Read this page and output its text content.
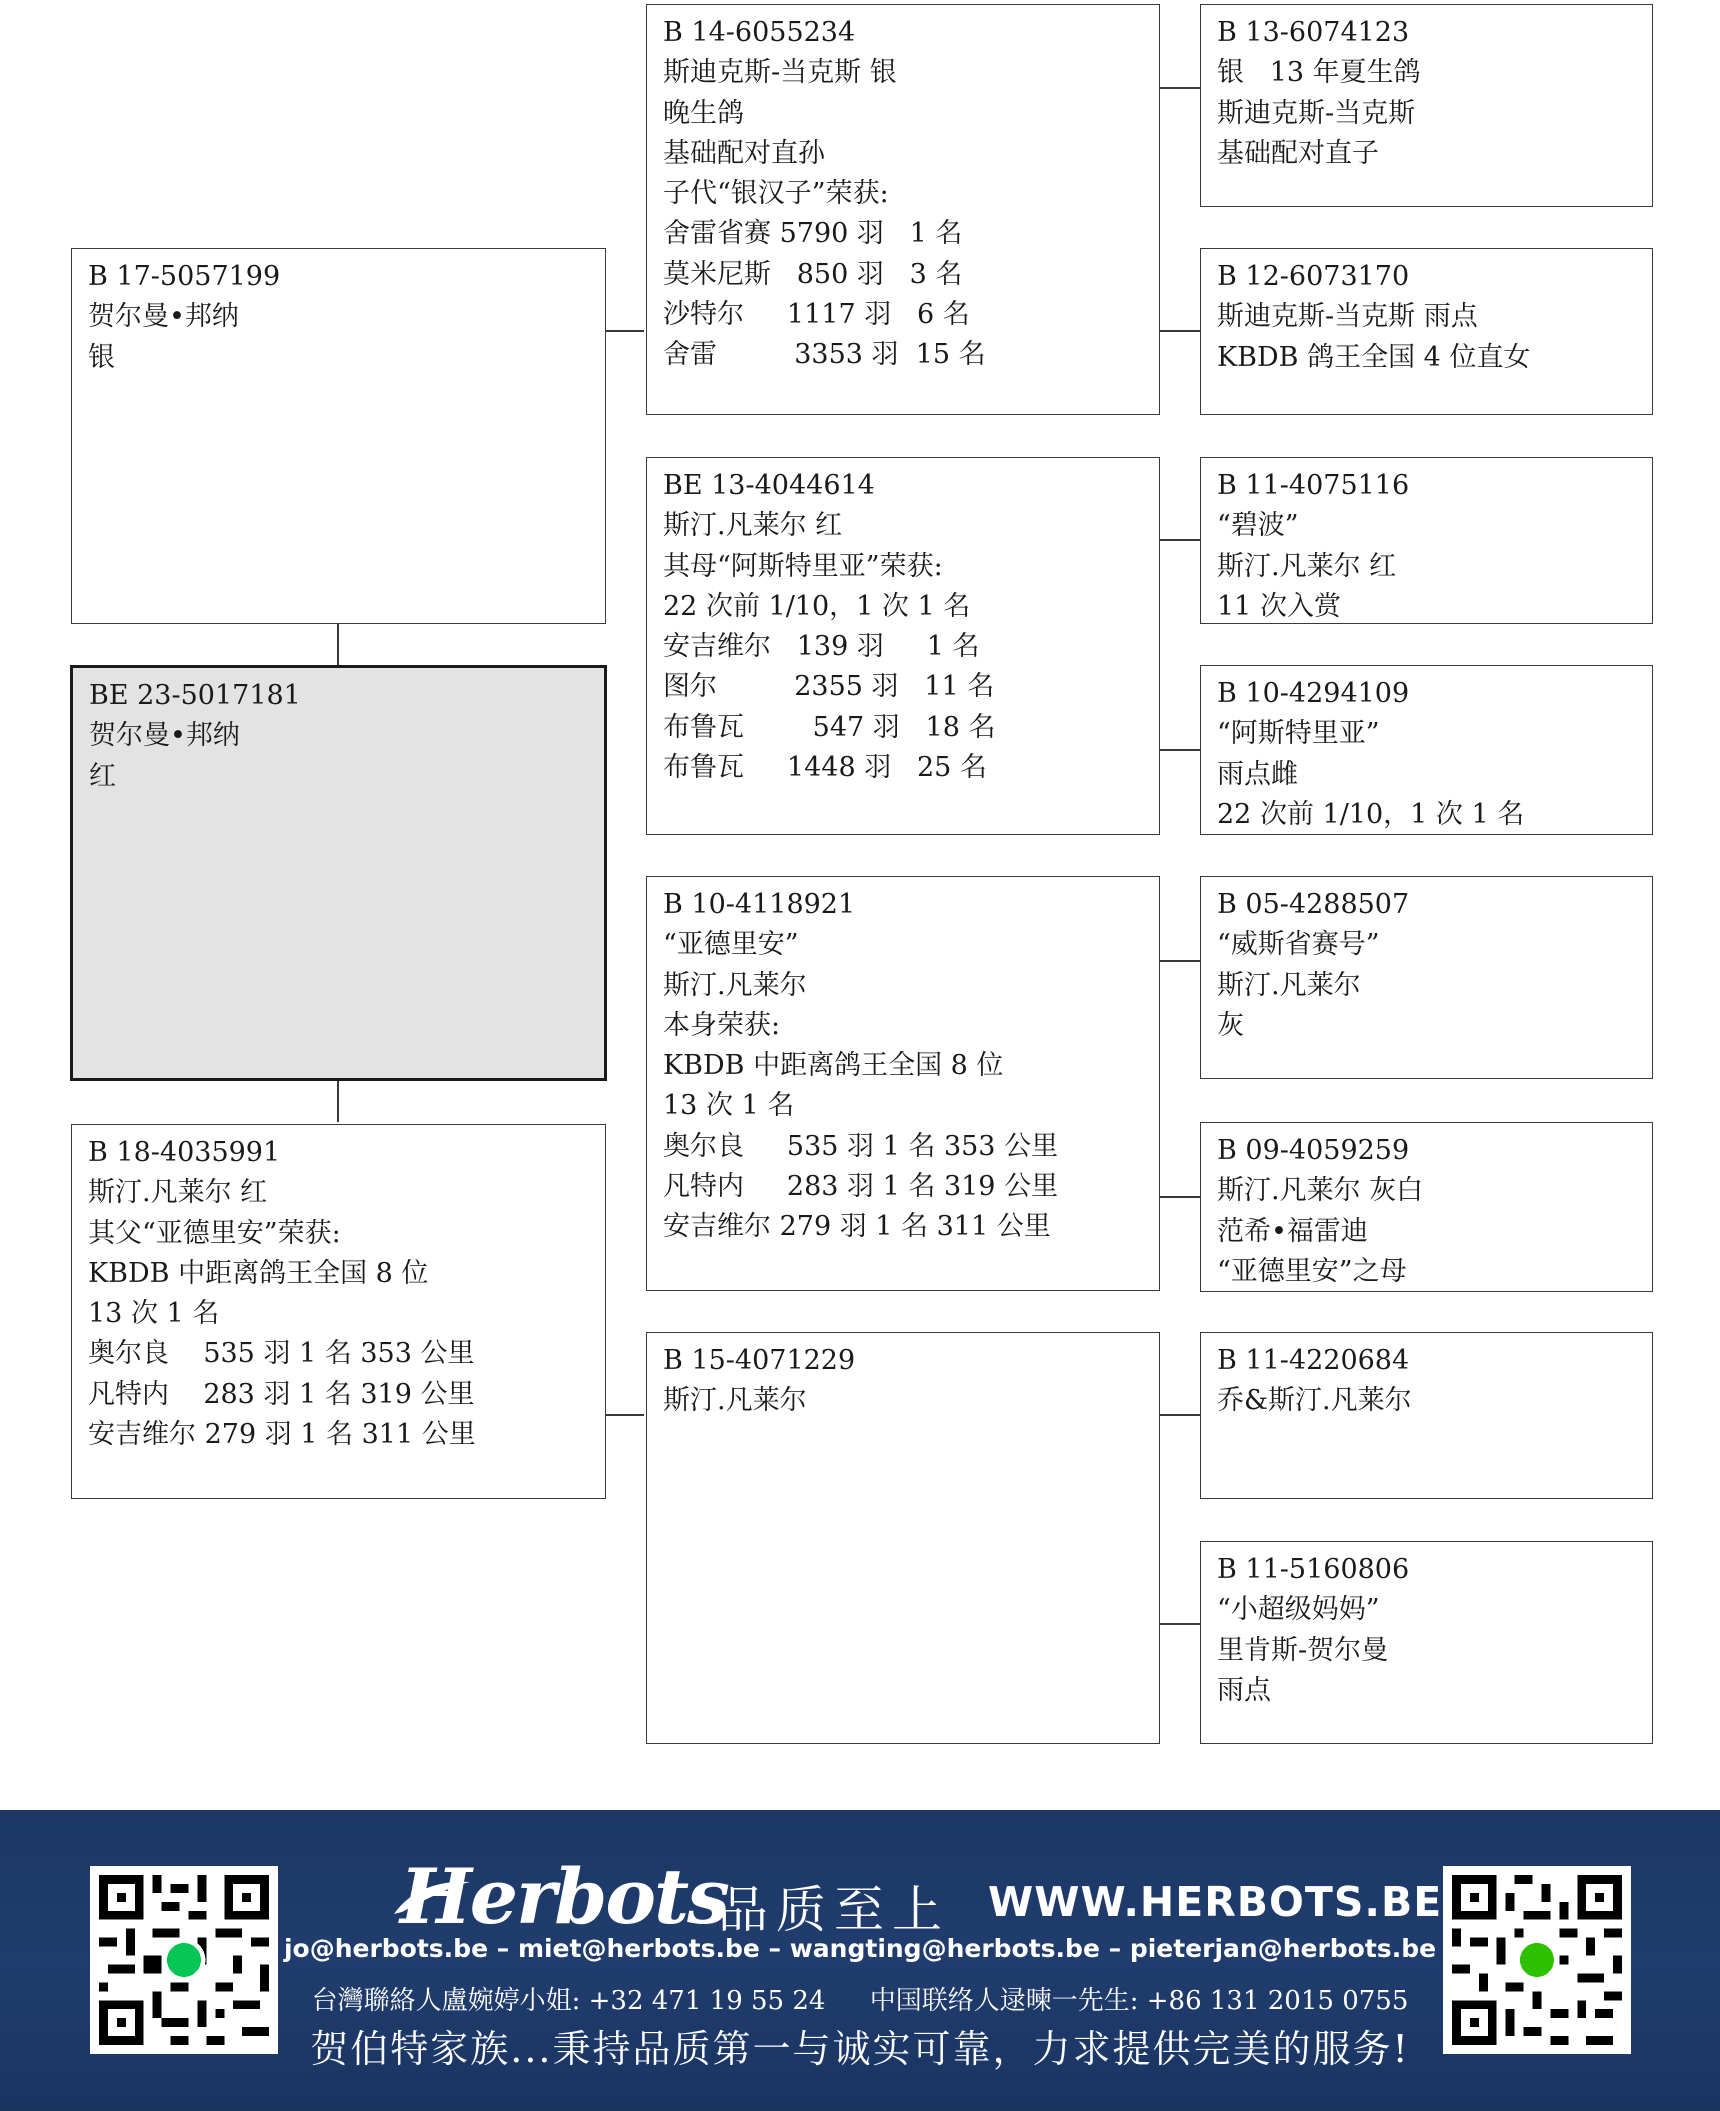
B 17-5057199
贺尔曼•邦纳
银
BE 23-5017181
贺尔曼•邦纳
红
B 18-4035991
斯汀.凡莱尔 红
其父“亚德里安”荣获:
KBDB 中距离鸽王全国 8 位
13 次 1 名
奥尔良    535 羽 1 名 353 公里
凡特内    283 羽 1 名 319 公里
安吉维尔 279 羽 1 名 311 公里
B 14-6055234
斯迪克斯-当克斯 银
晚生鸽
基础配对直孙
子代“银汉子”荣获:
舍雷省赛 5790 羽   1 名
莫米尼斯   850 羽   3 名
沙特尔     1117 羽   6 名
舍雷         3353 羽  15 名
BE 13-4044614
斯汀.凡莱尔 红
其母“阿斯特里亚”荣获:
22 次前 1/10，1 次 1 名
安吉维尔   139 羽     1 名
图尔         2355 羽   11 名
布鲁瓦        547 羽   18 名
布鲁瓦     1448 羽   25 名
B 10-4118921
“亚德里安”
斯汀.凡莱尔
本身荣获:
KBDB 中距离鸽王全国 8 位
13 次 1 名
奥尔良     535 羽 1 名 353 公里
凡特内     283 羽 1 名 319 公里
安吉维尔 279 羽 1 名 311 公里
B 15-4071229
斯汀.凡莱尔
B 13-6074123
银   13 年夏生鸽
斯迪克斯-当克斯
基础配对直子
B 12-6073170
斯迪克斯-当克斯 雨点
KBDB 鸽王全国 4 位直女
B 11-4075116
“碧波”
斯汀.凡莱尔 红
11 次入赏
B 10-4294109
“阿斯特里亚”
雨点雌
22 次前 1/10，1 次 1 名
B 05-4288507
“威斯省赛号”
斯汀.凡莱尔
灰
B 09-4059259
斯汀.凡莱尔 灰白
范希•福雷迪
“亚德里安”之母
B 11-4220684
乔&斯汀.凡莱尔
B 11-5160806
“小超级妈妈”
里肯斯-贺尔曼
雨点
Herbots
品质至上 WWW.HERBOTS.BE
jo@herbots.be – miet@herbots.be – wangting@herbots.be – pieterjan@herbots.be
台灣聯絡人盧婉婷小姐: +32 471 19 55 24 中国联络人逯暕一先生: +86 131 2015 0755
贺伯特家族...秉持品质第一与诚实可靠，力求提供完美的服务!
